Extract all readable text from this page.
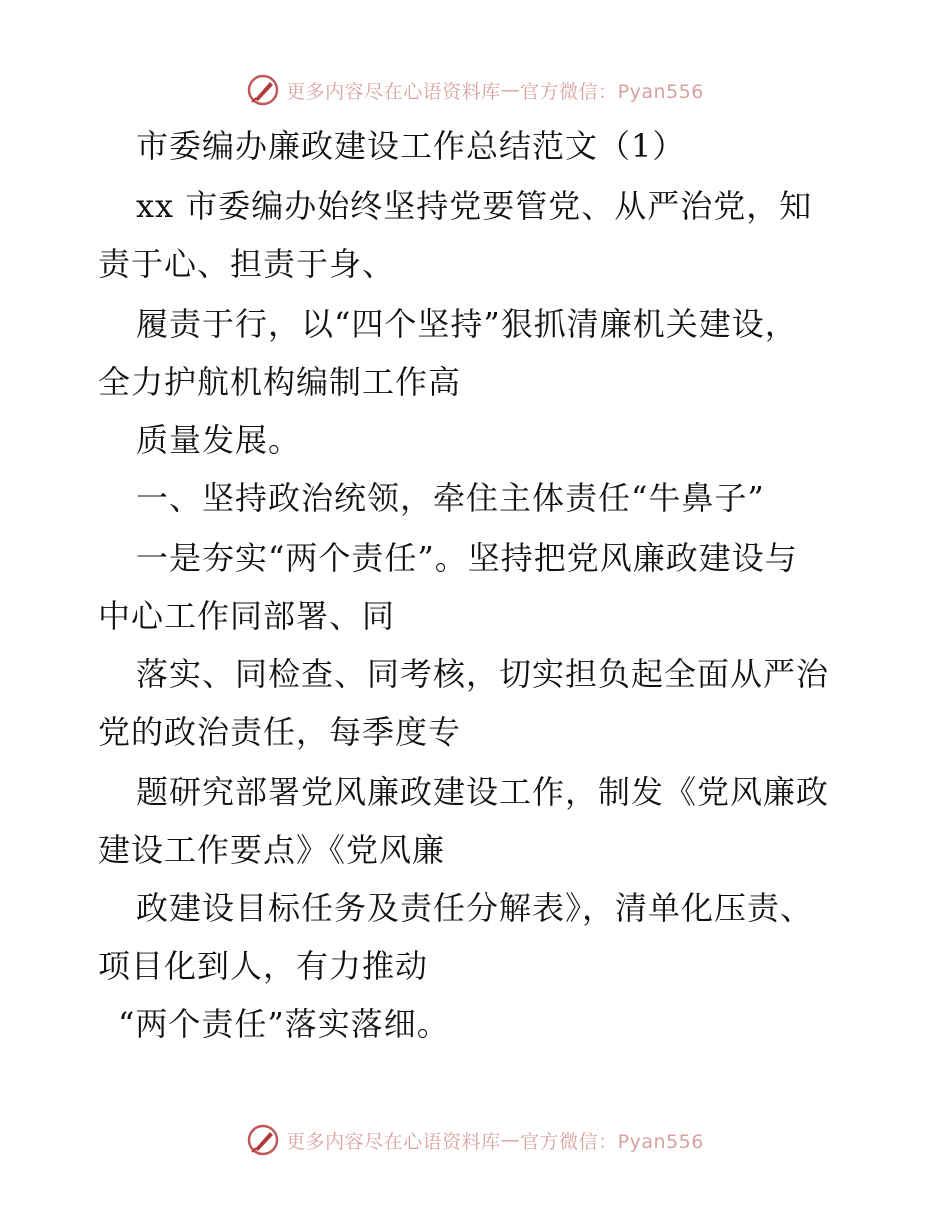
更多内容尽在心语资料库 — 官方微信：Pyan556
市委编办廉政建设工作总结范文（1）
xx 市委编办始终坚持党要管党、从严治党，知
责于心、担责于身、
履责于行，以“四个坚持”狠抓清廉机关建设，
全力护航机构编制工作高
质量发展。
一、坚持政治统领，牵住主体责任“牛鼻子”
一是夯实“两个责任”。坚持把党风廉政建设与
中心工作同部署、同
落实、同检查、同考核，切实担负起全面从严治
党的政治责任，每季度专
题研究部署党风廉政建设工作，制发《党风廉政
建设工作要点》《党风廉
政建设目标任务及责任分解表》，清单化压责、
项目化到人，有力推动
“两个责任”落实落细。
更多内容尽在心语资料库 — 官方微信：Pyan556
